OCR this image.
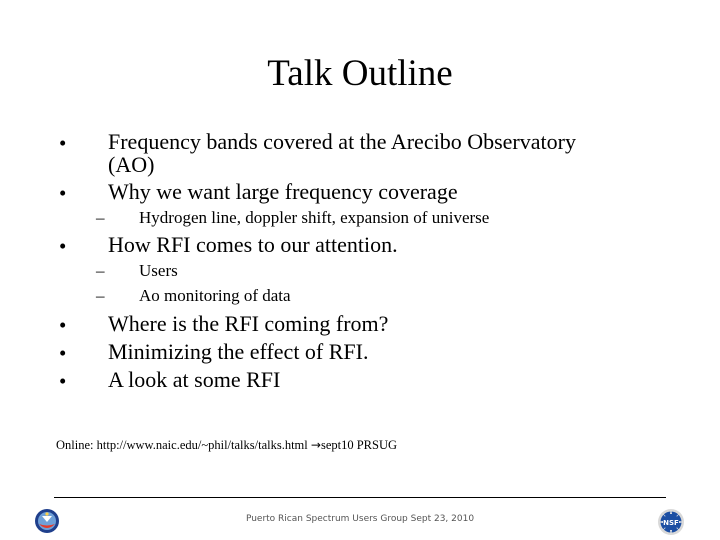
Talk Outline
• Frequency bands covered at the Arecibo Observatory
(AO)
• Why we want large frequency coverage
– Hydrogen line, doppler shift, expansion of universe
• How RFI comes to our attention.
– Users
– Ao monitoring of data
• Where is the RFI coming from?
• Minimizing the effect of RFI.
• A look at some RFI
Online: http://www.naic.edu/~phil/talks/talks.html →sept10 PRSUG
Puerto Rican Spectrum Users Group Sept 23, 2010	NSF
